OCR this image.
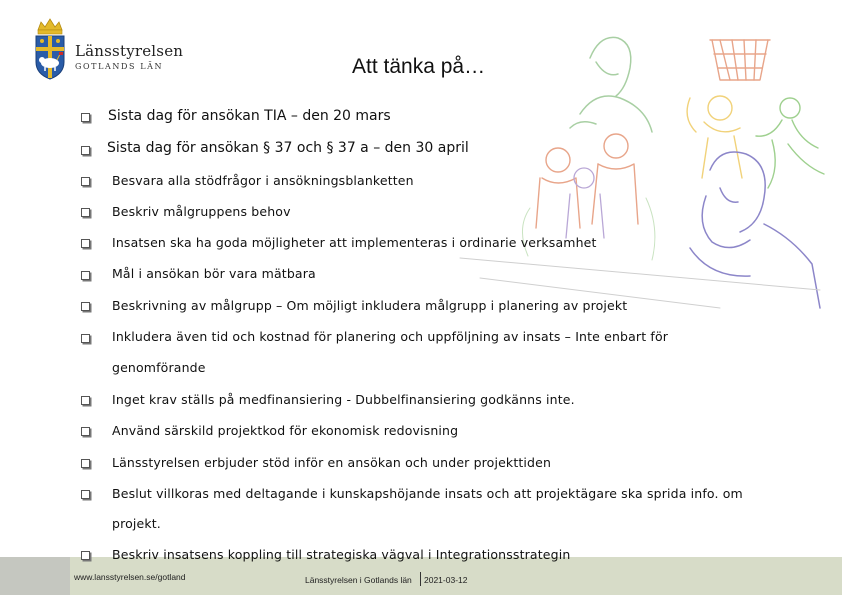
Länsstyrelsen
GOTLANDS LÄN	Att tänka på…
Sista dag för ansökan TIA – den 20 mars
Sista dag för ansökan § 37 och § 37 a – den 30 april
Besvara alla stödfrågor i ansökningsblanketten
Beskriv målgruppens behov
Insatsen ska ha goda möjligheter att implementeras i ordinarie verksamhet
Mål i ansökan bör vara mätbara
Beskrivning av målgrupp – Om möjligt inkludera målgrupp i planering av projekt
Inkludera även tid och kostnad för planering och uppföljning av insats – Inte enbart för
genomförande
Inget krav ställs på medfinansiering - Dubbelfinansiering godkänns inte.
Använd särskild projektkod för ekonomisk redovisning
Länsstyrelsen erbjuder stöd inför en ansökan och under projekttiden
Beslut villkoras med deltagande i kunskapshöjande insats och att projektägare ska sprida info. om
projekt.
Beskriv insatsens koppling till strategiska vägval i Integrationsstrategin
www.lansstyrelsen.se/gotland	Länsstyrelsen i Gotlands län 2021-03-12
